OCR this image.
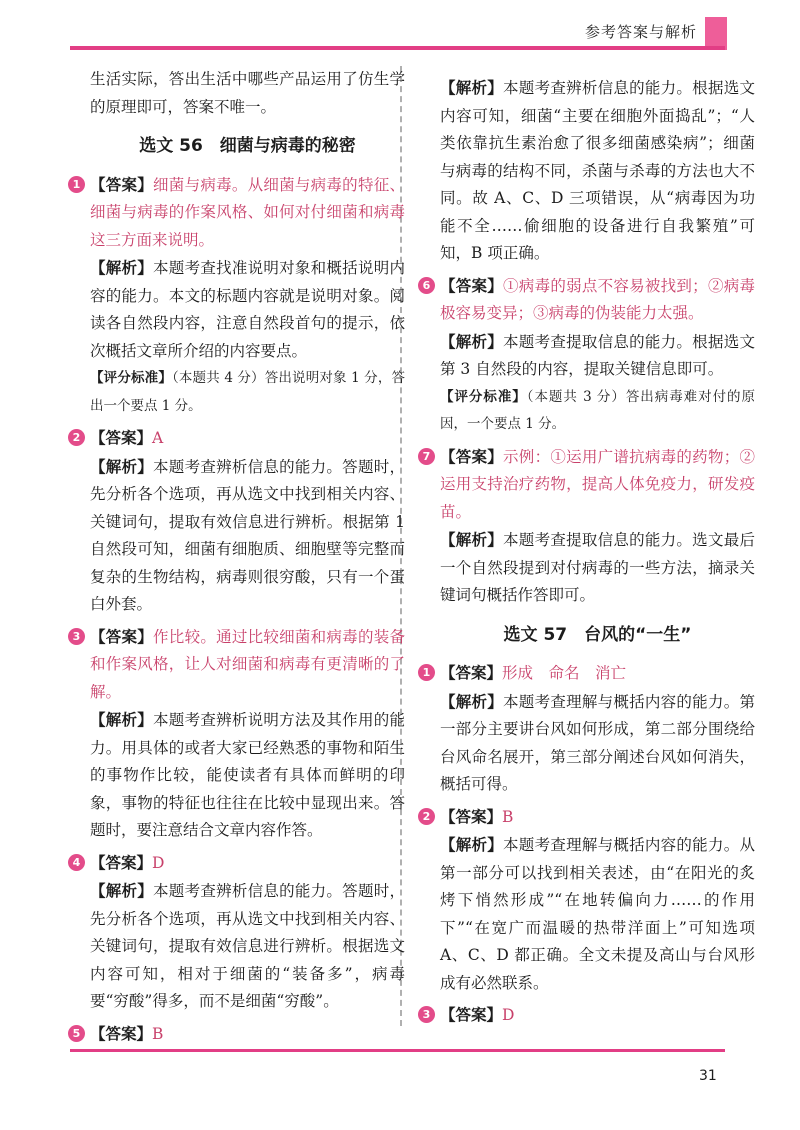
参考答案与解析

生活实际，答出生活中哪些产品运用了仿生学的原理即可，答案不唯一。

选文 56　细菌与病毒的秘密
1 【答案】细菌与病毒。从细菌与病毒的特征、细菌与病毒的作案风格、如何对付细菌和病毒这三方面来说明。

【解析】本题考查找准说明对象和概括说明内容的能力。本文的标题内容就是说明对象。阅读各自然段内容，注意自然段首句的提示，依次概括文章所介绍的内容要点。

【评分标准】（本题共 4 分）答出说明对象 1 分，答出一个要点 1 分。

2 【答案】A

【解析】本题考查辨析信息的能力。答题时，先分析各个选项，再从选文中找到相关内容、关键词句，提取有效信息进行辨析。根据第 1 自然段可知，细菌有细胞质、细胞壁等完整而复杂的生物结构，病毒则很穷酸，只有一个蛋白外套。

3 【答案】作比较。通过比较细菌和病毒的装备和作案风格，让人对细菌和病毒有更清晰的了解。

【解析】本题考查辨析说明方法及其作用的能力。用具体的或者大家已经熟悉的事物和陌生的事物作比较，能使读者有具体而鲜明的印象，事物的特征也往往在比较中显现出来。答题时，要注意结合文章内容作答。

4 【答案】D

【解析】本题考查辨析信息的能力。答题时，先分析各个选项，再从选文中找到相关内容、关键词句，提取有效信息进行辨析。根据选文内容可知，相对于细菌的“装备多”，病毒要“穷酸”得多，而不是细菌“穷酸”。

5 【答案】B

【解析】本题考查辨析信息的能力。根据选文内容可知，细菌“主要在细胞外面捣乱”；“人类依靠抗生素治愈了很多细菌感染病”；细菌与病毒的结构不同，杀菌与杀毒的方法也大不同。故 A、C、D 三项错误，从“病毒因为功能不全……偷细胞的设备进行自我繁殖”可知，B 项正确。

6 【答案】①病毒的弱点不容易被找到；②病毒极容易变异；③病毒的伪装能力太强。

【解析】本题考查提取信息的能力。根据选文第 3 自然段的内容，提取关键信息即可。

【评分标准】（本题共 3 分）答出病毒难对付的原因，一个要点 1 分。

7 【答案】示例：①运用广谱抗病毒的药物；②运用支持治疗药物，提高人体免疫力，研发疫苗。

【解析】本题考查提取信息的能力。选文最后一个自然段提到对付病毒的一些方法，摘录关键词句概括作答即可。

选文 57　台风的“一生”
1 【答案】形成　命名　消亡

【解析】本题考查理解与概括内容的能力。第一部分主要讲台风如何形成，第二部分围绕给台风命名展开，第三部分阐述台风如何消失，概括可得。

2 【答案】B

【解析】本题考查理解与概括内容的能力。从第一部分可以找到相关表述，由“在阳光的炙烤下悄然形成”“在地转偏向力……的作用下”“在宽广而温暖的热带洋面上”可知选项 A、C、D 都正确。全文未提及高山与台风形成有必然联系。

3 【答案】D

31
